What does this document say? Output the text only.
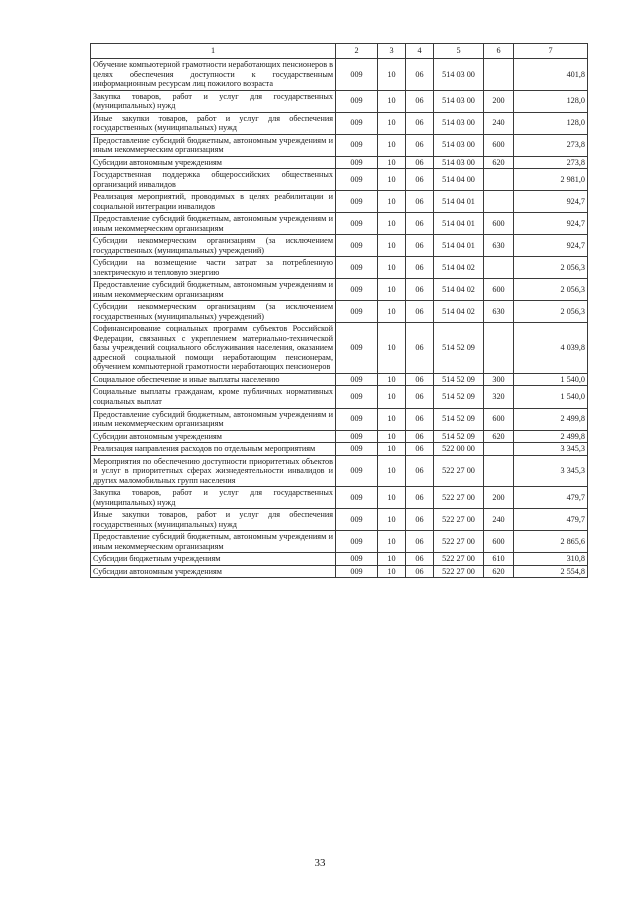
1	2	3	4	5	6	7
Обучение компьютерной грамотности неработающих пенсионеров в целях обеспечения доступности к государственным информационным ресурсам лиц пожилого возраста	009	10	06	514 03 00		401,8
Закупка товаров, работ и услуг для государственных (муниципальных) нужд	009	10	06	514 03 00	200	128,0
Иные закупки товаров, работ и услуг для обеспечения государственных (муниципальных) нужд	009	10	06	514 03 00	240	128,0
Предоставление субсидий бюджетным, автономным учреждениям и иным некоммерческим организациям	009	10	06	514 03 00	600	273,8
Субсидии автономным учреждениям	009	10	06	514 03 00	620	273,8
Государственная поддержка общероссийских общественных организаций инвалидов	009	10	06	514 04 00		2 981,0
Реализация мероприятий, проводимых в целях реабилитации и социальной интеграции инвалидов	009	10	06	514 04 01		924,7
Предоставление субсидий бюджетным, автономным учреждениям и иным некоммерческим организациям	009	10	06	514 04 01	600	924,7
Субсидии некоммерческим организациям (за исключением государственных (муниципальных) учреждений)	009	10	06	514 04 01	630	924,7
Субсидии на возмещение части затрат за потребленную электрическую и тепловую энергию	009	10	06	514 04 02		2 056,3
Предоставление субсидий бюджетным, автономным учреждениям и иным некоммерческим организациям	009	10	06	514 04 02	600	2 056,3
Субсидии некоммерческим организациям (за исключением государственных (муниципальных) учреждений)	009	10	06	514 04 02	630	2 056,3
Софинансирование социальных программ субъектов Российской Федерации, связанных с укреплением материально-технической базы учреждений социального обслуживания населения, оказанием адресной социальной помощи неработающим пенсионерам, обучением компьютерной грамотности неработающих пенсионеров	009	10	06	514 52 09		4 039,8
Социальное обеспечение и иные выплаты населению	009	10	06	514 52 09	300	1 540,0
Социальные выплаты гражданам, кроме публичных нормативных социальных выплат	009	10	06	514 52 09	320	1 540,0
Предоставление субсидий бюджетным, автономным учреждениям и иным некоммерческим организациям	009	10	06	514 52 09	600	2 499,8
Субсидии автономным учреждениям	009	10	06	514 52 09	620	2 499,8
Реализация направления расходов по отдельным мероприятиям	009	10	06	522 00 00		3 345,3
Мероприятия по обеспечению доступности приоритетных объектов и услуг в приоритетных сферах жизнедеятельности инвалидов и других маломобильных групп населения	009	10	06	522 27 00		3 345,3
Закупка товаров, работ и услуг для государственных (муниципальных) нужд	009	10	06	522 27 00	200	479,7
Иные закупки товаров, работ и услуг для обеспечения государственных (муниципальных) нужд	009	10	06	522 27 00	240	479,7
Предоставление субсидий бюджетным, автономным учреждениям и иным некоммерческим организациям	009	10	06	522 27 00	600	2 865,6
Субсидии бюджетным учреждениям	009	10	06	522 27 00	610	310,8
Субсидии автономным учреждениям	009	10	06	522 27 00	620	2 554,8
33
